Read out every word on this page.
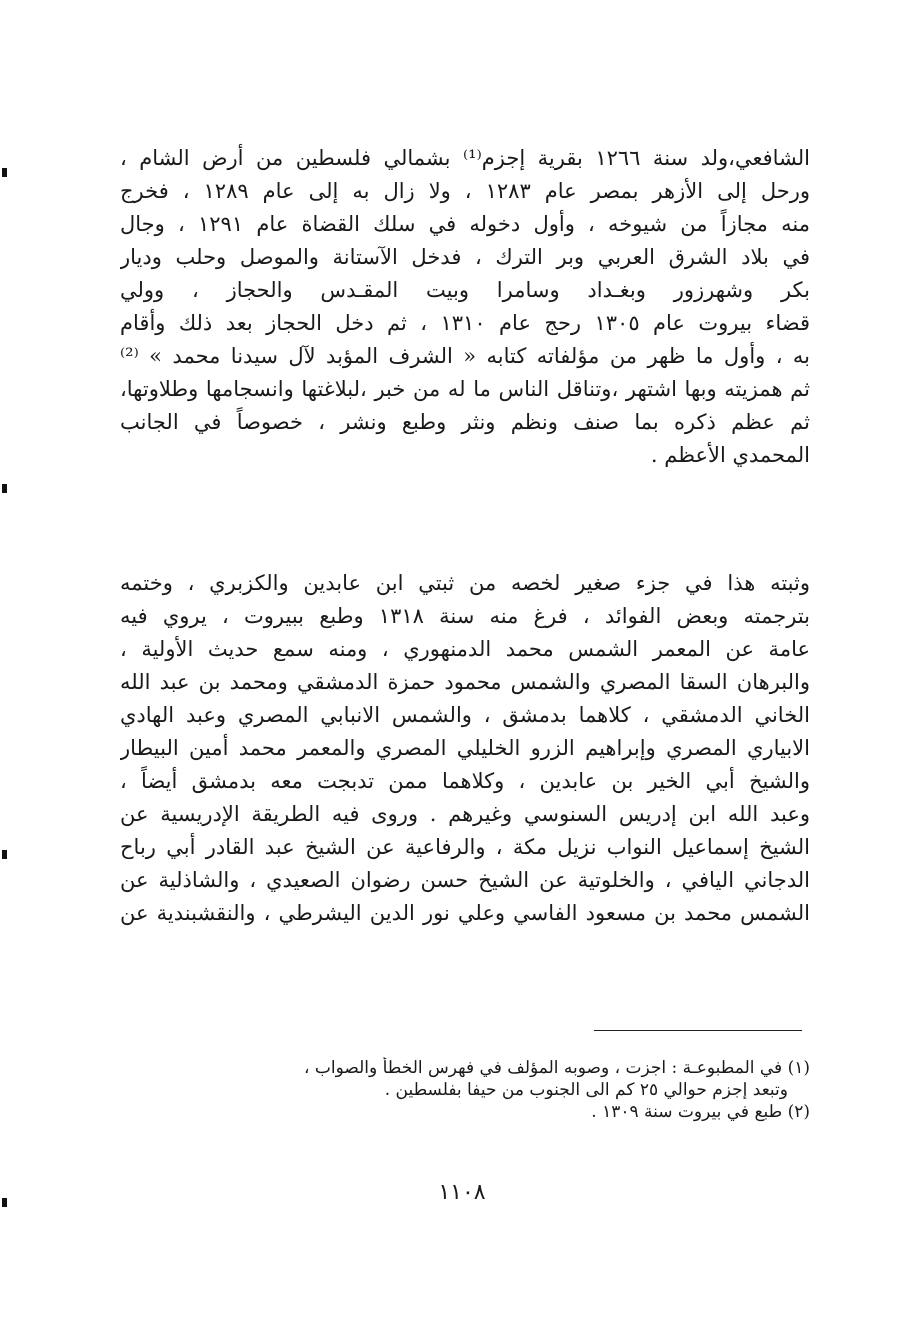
الشافعي،ولد سنة ١٢٦٦ بقرية إجزم⁽¹⁾ بشمالي فلسطين من أرض الشام ،
ورحل إلى الأزهر بمصر عام ١٢٨٣ ، ولا زال به إلى عام ١٢٨٩ ، فخرج
منه مجازاً من شيوخه ، وأول دخوله في سلك القضاة عام ١٢٩١ ، وجال
في بلاد الشرق العربي وبر الترك ، فدخل الآستانة والموصل وحلب وديار
بكر وشهرزور وبغـداد وسامرا وبيت المقـدس والحجاز ، وولي
قضاء بيروت عام ١٣٠٥ رحج عام ١٣١٠ ، ثم دخل الحجاز بعد ذلك وأقام
به ، وأول ما ظهر من مؤلفاته كتابه « الشرف المؤبد لآل سيدنا محمد » ⁽²⁾
ثم همزيته وبها اشتهر ،وتناقل الناس ما له من خبر ،لبلاغتها وانسجامها وطلاوتها،
ثم عظم ذكره بما صنف ونظم ونثر وطبع ونشر ، خصوصاً في الجانب
المحمدي الأعظم .
وثبته هذا في جزء صغير لخصه من ثبتي ابن عابدين والكزبري ، وختمه
بترجمته وبعض الفوائد ، فرغ منه سنة ١٣١٨ وطبع ببيروت ، يروي فيه
عامة عن المعمر الشمس محمد الدمنهوري ، ومنه سمع حديث الأولية ،
والبرهان السقا المصري والشمس محمود حمزة الدمشقي ومحمد بن عبد الله
الخاني الدمشقي ، كلاهما بدمشق ، والشمس الانبابي المصري وعبد الهادي
الابياري المصري وإبراهيم الزرو الخليلي المصري والمعمر محمد أمين البيطار
والشيخ أبي الخير بن عابدين ، وكلاهما ممن تدبجت معه بدمشق أيضاً ،
وعبد الله ابن إدريس السنوسي وغيرهم . وروى فيه الطريقة الإدريسية عن
الشيخ إسماعيل النواب نزيل مكة ، والرفاعية عن الشيخ عبد القادر أبي رباح
الدجاني اليافي ، والخلوتية عن الشيخ حسن رضوان الصعيدي ، والشاذلية عن
الشمس محمد بن مسعود الفاسي وعلي نور الدين اليشرطي ، والنقشبندية عن
(١) في المطبوعـة : اجزت ، وصوبه المؤلف في فهرس الخطأ والصواب ،
وتبعد إجزم حوالي ٢٥ كم الى الجنوب من حيفا بفلسطين .
(٢) طبع في بيروت سنة ١٣٠٩ .
١١٠٨
